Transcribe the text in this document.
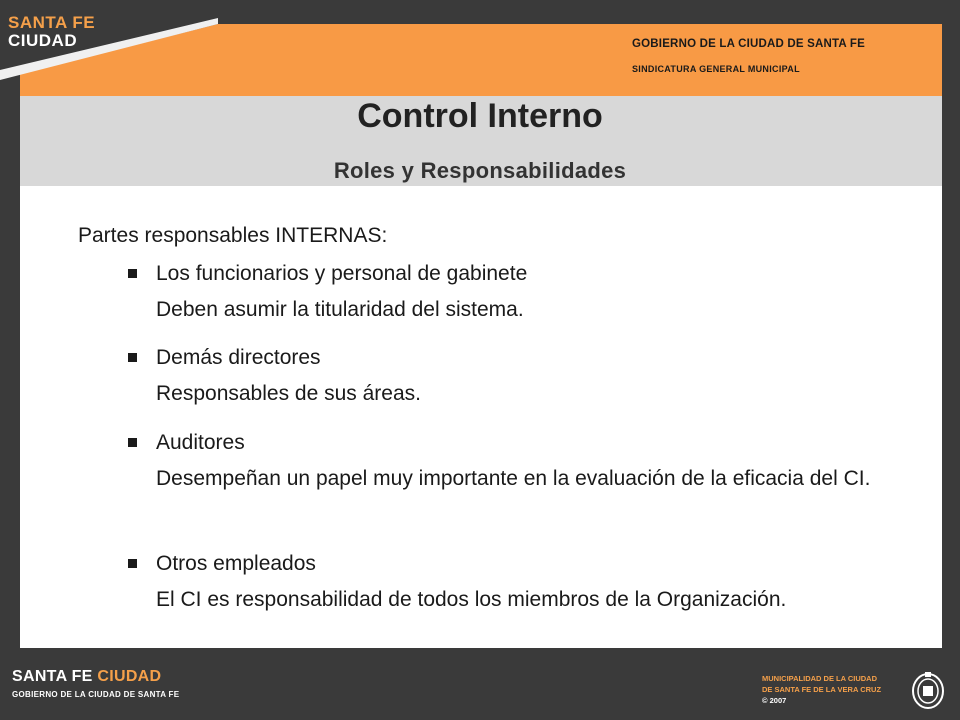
SANTA FE
CIUDAD	GOBIERNO DE LA CIUDAD DE SANTA FE
SINDICATURA GENERAL MUNICIPAL
Control Interno
Roles y Responsabilidades
Partes responsables INTERNAS:
Los funcionarios y personal de gabinete
Deben asumir la titularidad del sistema.
Demás directores
Responsables de sus áreas.
Auditores
Desempeñan un papel muy importante en la evaluación de la eficacia del CI.
Otros empleados
El CI es responsabilidad de todos los miembros de la Organización.
SANTA FE CIUDAD
GOBIERNO DE LA CIUDAD DE SANTA FE
MUNICIPALIDAD DE LA CIUDAD
DE SANTA FE DE LA VERA CRUZ
© 2007
